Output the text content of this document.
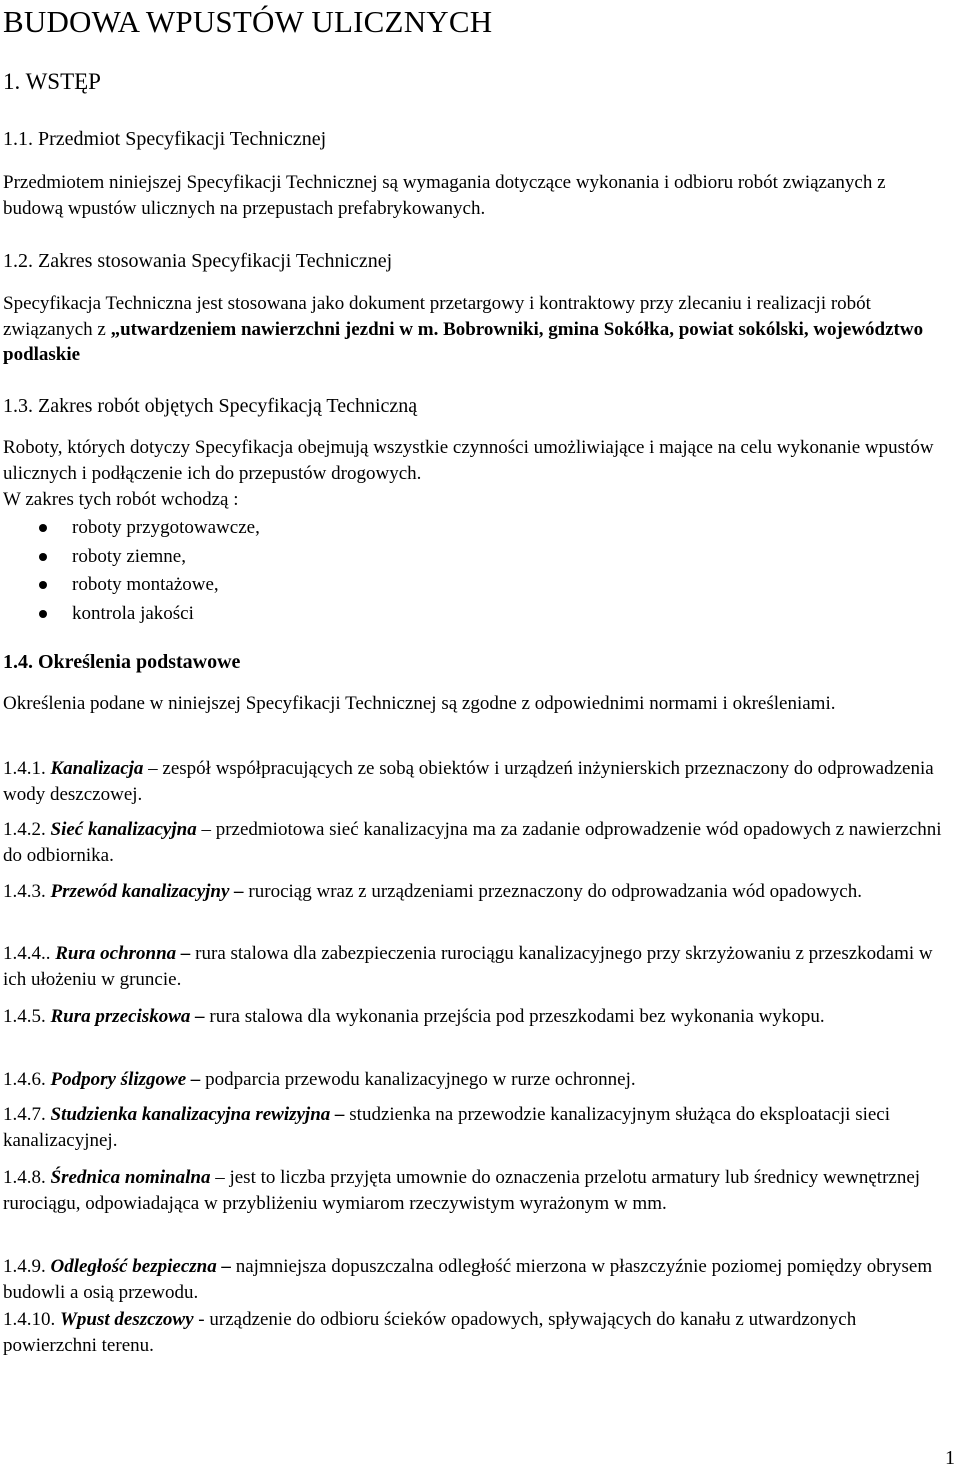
BUDOWA WPUSTÓW ULICZNYCH
1. WSTĘP
1.1. Przedmiot Specyfikacji Technicznej

Przedmiotem niniejszej Specyfikacji Technicznej są wymagania dotyczące wykonania i odbioru robót związanych z budową wpustów ulicznych na przepustach prefabrykowanych.

1.2. Zakres stosowania Specyfikacji Technicznej

Specyfikacja Techniczna jest stosowana jako dokument przetargowy i kontraktowy przy zlecaniu i realizacji robót związanych z „utwardzeniem nawierzchni jezdni w m. Bobrowniki, gmina Sokółka, powiat sokólski, województwo podlaskie

1.3. Zakres robót objętych Specyfikacją Techniczną

Roboty, których dotyczy Specyfikacja obejmują wszystkie czynności umożliwiające i mające na celu wykonanie wpustów ulicznych i podłączenie ich do przepustów drogowych.

W zakres tych robót wchodzą :

roboty przygotowawcze,
roboty ziemne,
roboty montażowe,
kontrola jakości
1.4. Określenia podstawowe

Określenia podane w niniejszej Specyfikacji Technicznej są zgodne z odpowiednimi normami i określeniami.

1.4.1. Kanalizacja – zespół współpracujących ze sobą obiektów i urządzeń inżynierskich przeznaczony do odprowadzenia wody deszczowej.

1.4.2. Sieć kanalizacyjna – przedmiotowa sieć kanalizacyjna ma za zadanie odprowadzenie wód opadowych z nawierzchni do odbiornika.

1.4.3. Przewód kanalizacyjny – rurociąg wraz z urządzeniami przeznaczony do odprowadzania wód opadowych.

1.4.4.. Rura ochronna – rura stalowa dla zabezpieczenia rurociągu kanalizacyjnego przy skrzyżowaniu z przeszkodami w ich ułożeniu w gruncie.

1.4.5. Rura przeciskowa – rura stalowa dla wykonania przejścia pod przeszkodami bez wykonania wykopu.

1.4.6. Podpory ślizgowe – podparcia przewodu kanalizacyjnego w rurze ochronnej.

1.4.7. Studzienka kanalizacyjna rewizyjna – studzienka na przewodzie kanalizacyjnym służąca do eksploatacji sieci kanalizacyjnej.

1.4.8. Średnica nominalna – jest to liczba przyjęta umownie do oznaczenia przelotu armatury lub średnicy wewnętrznej rurociągu, odpowiadająca w przybliżeniu wymiarom rzeczywistym wyrażonym w mm.

1.4.9. Odległość bezpieczna – najmniejsza dopuszczalna odległość mierzona w płaszczyźnie poziomej pomiędzy obrysem budowli a osią przewodu.

1.4.10. Wpust deszczowy - urządzenie do odbioru ścieków opadowych, spływających do kanału z utwardzonych powierzchni terenu.

1
